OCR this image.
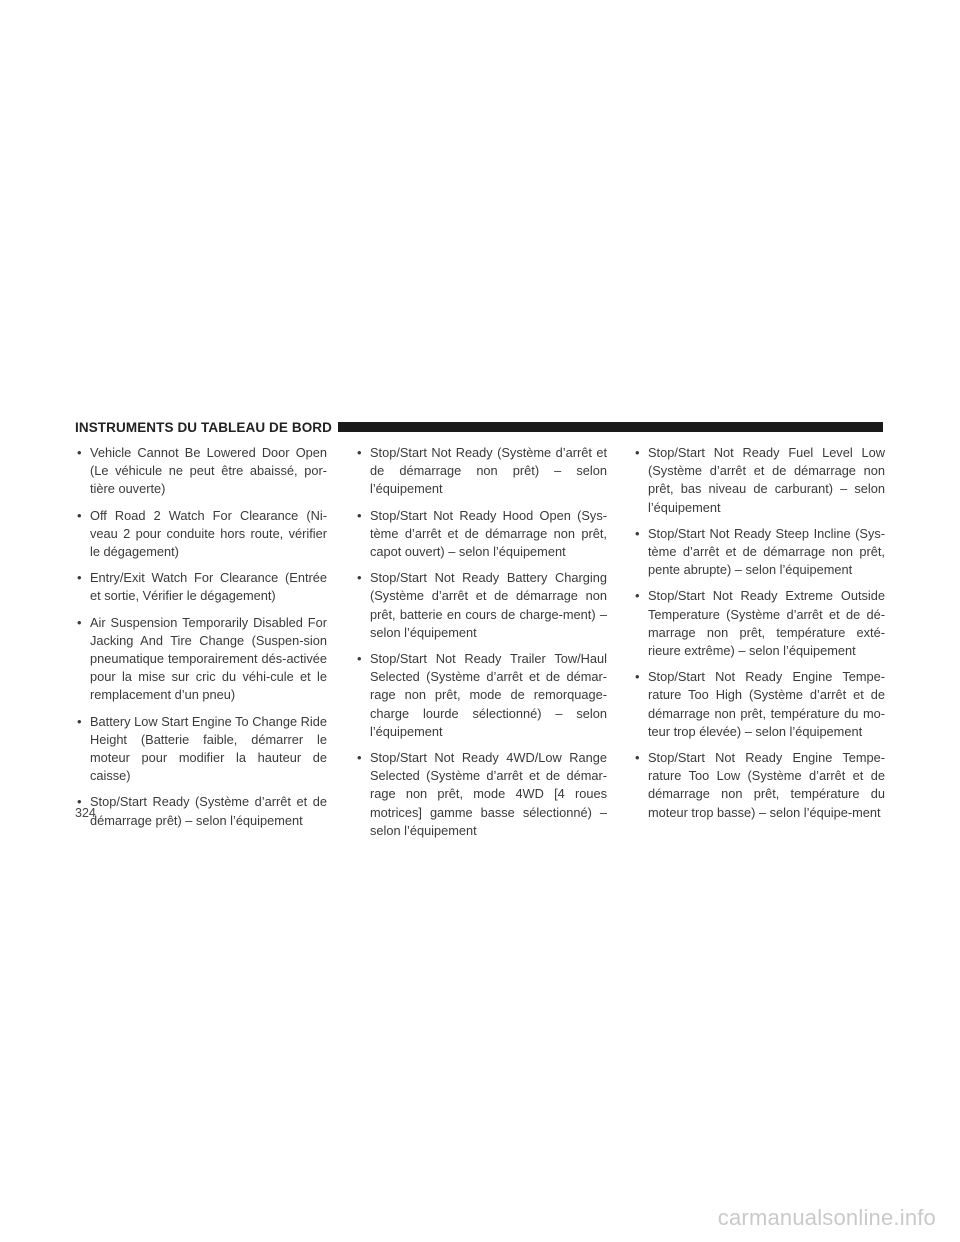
INSTRUMENTS DU TABLEAU DE BORD
• Vehicle Cannot Be Lowered Door Open (Le véhicule ne peut être abaissé, por-tière ouverte)
• Off Road 2 Watch For Clearance (Ni-veau 2 pour conduite hors route, vérifier le dégagement)
• Entry/Exit Watch For Clearance (Entrée et sortie, Vérifier le dégagement)
• Air Suspension Temporarily Disabled For Jacking And Tire Change (Suspen-sion pneumatique temporairement dés-activée pour la mise sur cric du véhi-cule et le remplacement d’un pneu)
• Battery Low Start Engine To Change Ride Height (Batterie faible, démarrer le moteur pour modifier la hauteur de caisse)
• Stop/Start Ready (Système d’arrêt et de démarrage prêt) – selon l’équipement
• Stop/Start Not Ready (Système d’arrêt et de démarrage non prêt) – selon l’équipement
• Stop/Start Not Ready Hood Open (Sys-tème d’arrêt et de démarrage non prêt, capot ouvert) – selon l’équipement
• Stop/Start Not Ready Battery Charging (Système d’arrêt et de démarrage non prêt, batterie en cours de charge-ment) – selon l’équipement
• Stop/Start Not Ready Trailer Tow/Haul Selected (Système d’arrêt et de démar-rage non prêt, mode de remorquage-charge lourde sélectionné) – selon l’équipement
• Stop/Start Not Ready 4WD/Low Range Selected (Système d’arrêt et de démar-rage non prêt, mode 4WD [4 roues motrices] gamme basse sélectionné) – selon l’équipement
• Stop/Start Not Ready Fuel Level Low (Système d’arrêt et de démarrage non prêt, bas niveau de carburant) – selon l’équipement
• Stop/Start Not Ready Steep Incline (Sys-tème d’arrêt et de démarrage non prêt, pente abrupte) – selon l’équipement
• Stop/Start Not Ready Extreme Outside Temperature (Système d’arrêt et de dé-marrage non prêt, température exté-rieure extrême) – selon l’équipement
• Stop/Start Not Ready Engine Tempe-rature Too High (Système d’arrêt et de démarrage non prêt, température du mo-teur trop élevée) – selon l’équipement
• Stop/Start Not Ready Engine Tempe-rature Too Low (Système d’arrêt et de démarrage non prêt, température du moteur trop basse) – selon l’équipe-ment
324
carmanualsonline.info
